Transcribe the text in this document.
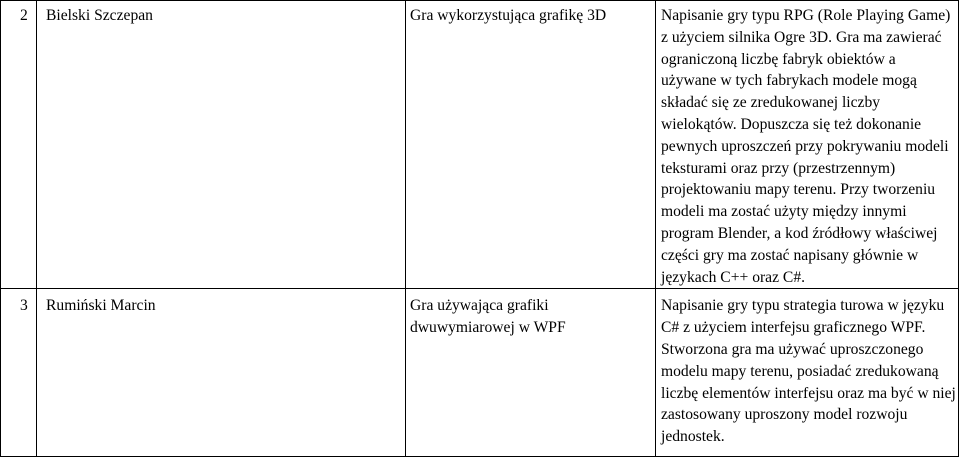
2	Bielski Szczepan	Gra wykorzystująca grafikę 3D	Napisanie gry typu RPG (Role Playing Game) z użyciem silnika Ogre 3D. Gra ma zawierać ograniczoną liczbę fabryk obiektów a używane w tych fabrykach modele mogą składać się ze zredukowanej liczby wielokątów. Dopuszcza się też dokonanie pewnych uproszczeń przy pokrywaniu modeli teksturami oraz przy (przestrzennym) projektowaniu mapy terenu. Przy tworzeniu modeli ma zostać użyty między innymi program Blender, a kod źródłowy właściwej części gry ma zostać napisany głównie w językach C++ oraz C#.

3	Rumiński Marcin	Gra używająca grafiki dwuwymiarowej w WPF	Napisanie gry typu strategia turowa w języku C# z użyciem interfejsu graficznego WPF. Stworzona gra ma używać uproszczonego modelu mapy terenu, posiadać zredukowaną liczbę elementów interfejsu oraz ma być w niej zastosowany uproszony model rozwoju jednostek.
